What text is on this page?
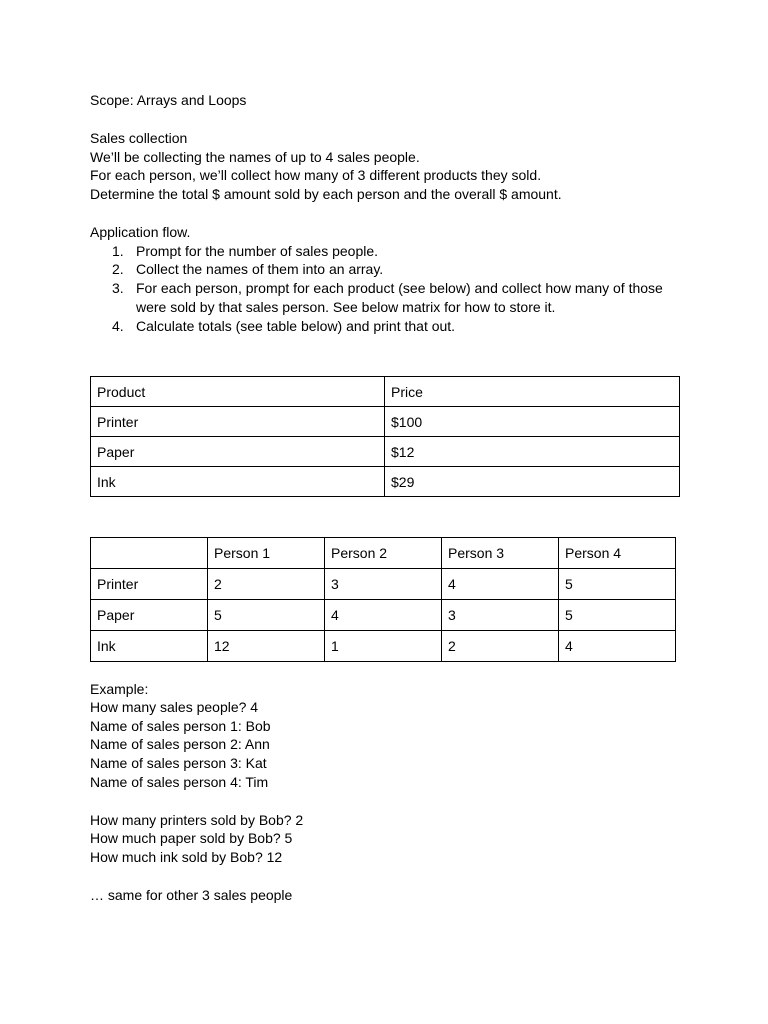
Scope: Arrays and Loops
Sales collection
We’ll be collecting the names of up to 4 sales people.
For each person, we’ll collect how many of 3 different products they sold.
Determine the total $ amount sold by each person and the overall $ amount.
Application flow.
1. Prompt for the number of sales people.
2. Collect the names of them into an array.
3. For each person, prompt for each product (see below) and collect how many of those were sold by that sales person. See below matrix for how to store it.
4. Calculate totals (see table below) and print that out.
Product	Price
Printer	$100
Paper	$12
Ink	$29
	Person 1	Person 2	Person 3	Person 4
Printer	2	3	4	5
Paper	5	4	3	5
Ink	12	1	2	4
Example:
How many sales people? 4
Name of sales person 1: Bob
Name of sales person 2: Ann
Name of sales person 3: Kat
Name of sales person 4: Tim
How many printers sold by Bob? 2
How much paper sold by Bob? 5
How much ink sold by Bob? 12
… same for other 3 sales people
